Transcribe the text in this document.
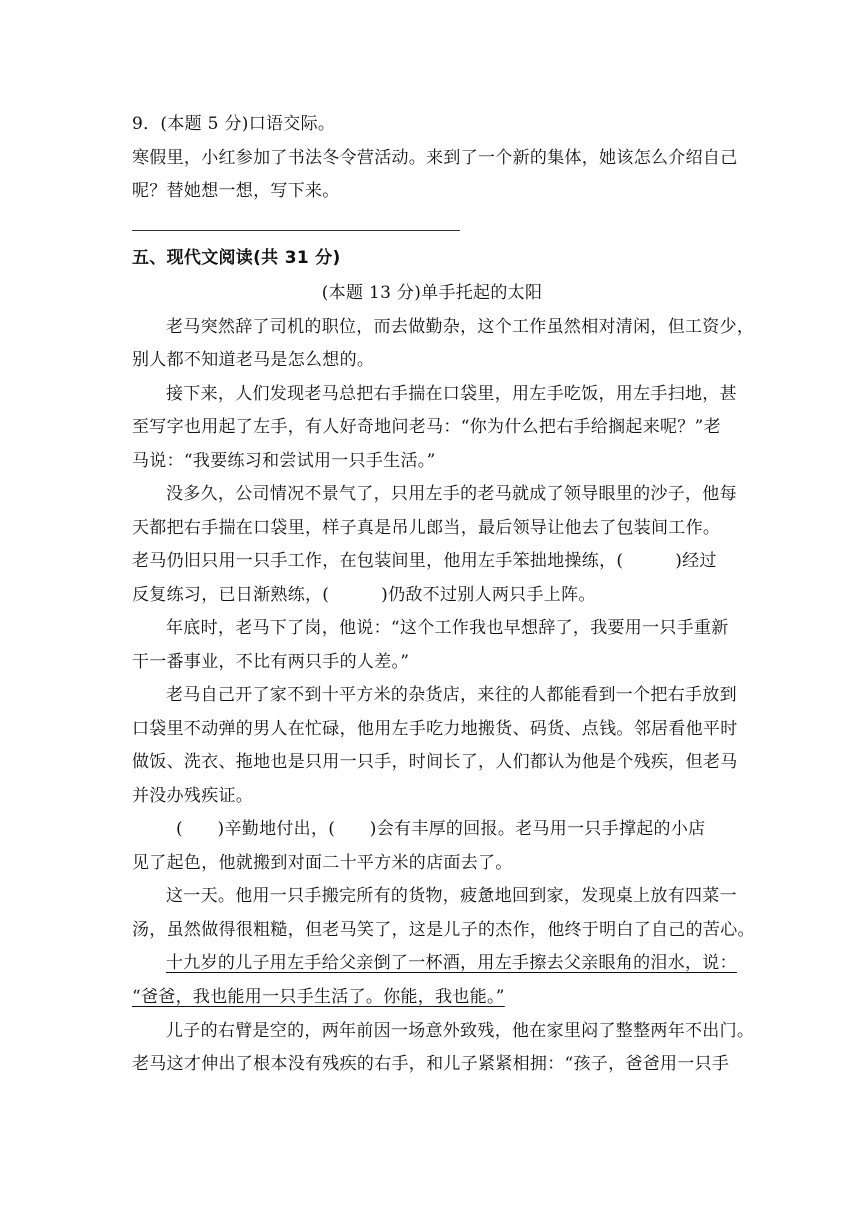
9．(本题 5 分)口语交际。
寒假里，小红参加了书法冬令营活动。来到了一个新的集体，她该怎么介绍自己
呢？替她想一想，写下来。
五、现代文阅读(共 31 分)
(本题 13 分)单手托起的太阳
老马突然辞了司机的职位，而去做勤杂，这个工作虽然相对清闲，但工资少，
别人都不知道老马是怎么想的。
接下来，人们发现老马总把右手揣在口袋里，用左手吃饭，用左手扫地，甚
至写字也用起了左手，有人好奇地问老马：“你为什么把右手给搁起来呢？”老
马说：“我要练习和尝试用一只手生活。”
没多久，公司情况不景气了，只用左手的老马就成了领导眼里的沙子，他每
天都把右手揣在口袋里，样子真是吊儿郎当，最后领导让他去了包装间工作。
老马仍旧只用一只手工作，在包装间里，他用左手笨拙地操练，(　　　)经过
反复练习，已日渐熟练，(　　　)仍敌不过别人两只手上阵。
年底时，老马下了岗，他说：“这个工作我也早想辞了，我要用一只手重新
干一番事业，不比有两只手的人差。”
老马自己开了家不到十平方米的杂货店，来往的人都能看到一个把右手放到
口袋里不动弹的男人在忙碌，他用左手吃力地搬货、码货、点钱。邻居看他平时
做饭、洗衣、拖地也是只用一只手，时间长了，人们都认为他是个残疾，但老马
并没办残疾证。
(　　)辛勤地付出，(　　)会有丰厚的回报。老马用一只手撑起的小店
见了起色，他就搬到对面二十平方米的店面去了。
这一天。他用一只手搬完所有的货物，疲惫地回到家，发现桌上放有四菜一
汤，虽然做得很粗糙，但老马笑了，这是儿子的杰作，他终于明白了自己的苦心。
十九岁的儿子用左手给父亲倒了一杯酒，用左手擦去父亲眼角的泪水，说：
“爸爸，我也能用一只手生活了。你能，我也能。”
儿子的右臂是空的，两年前因一场意外致残，他在家里闷了整整两年不出门。
老马这才伸出了根本没有残疾的右手，和儿子紧紧相拥：“孩子，爸爸用一只手
